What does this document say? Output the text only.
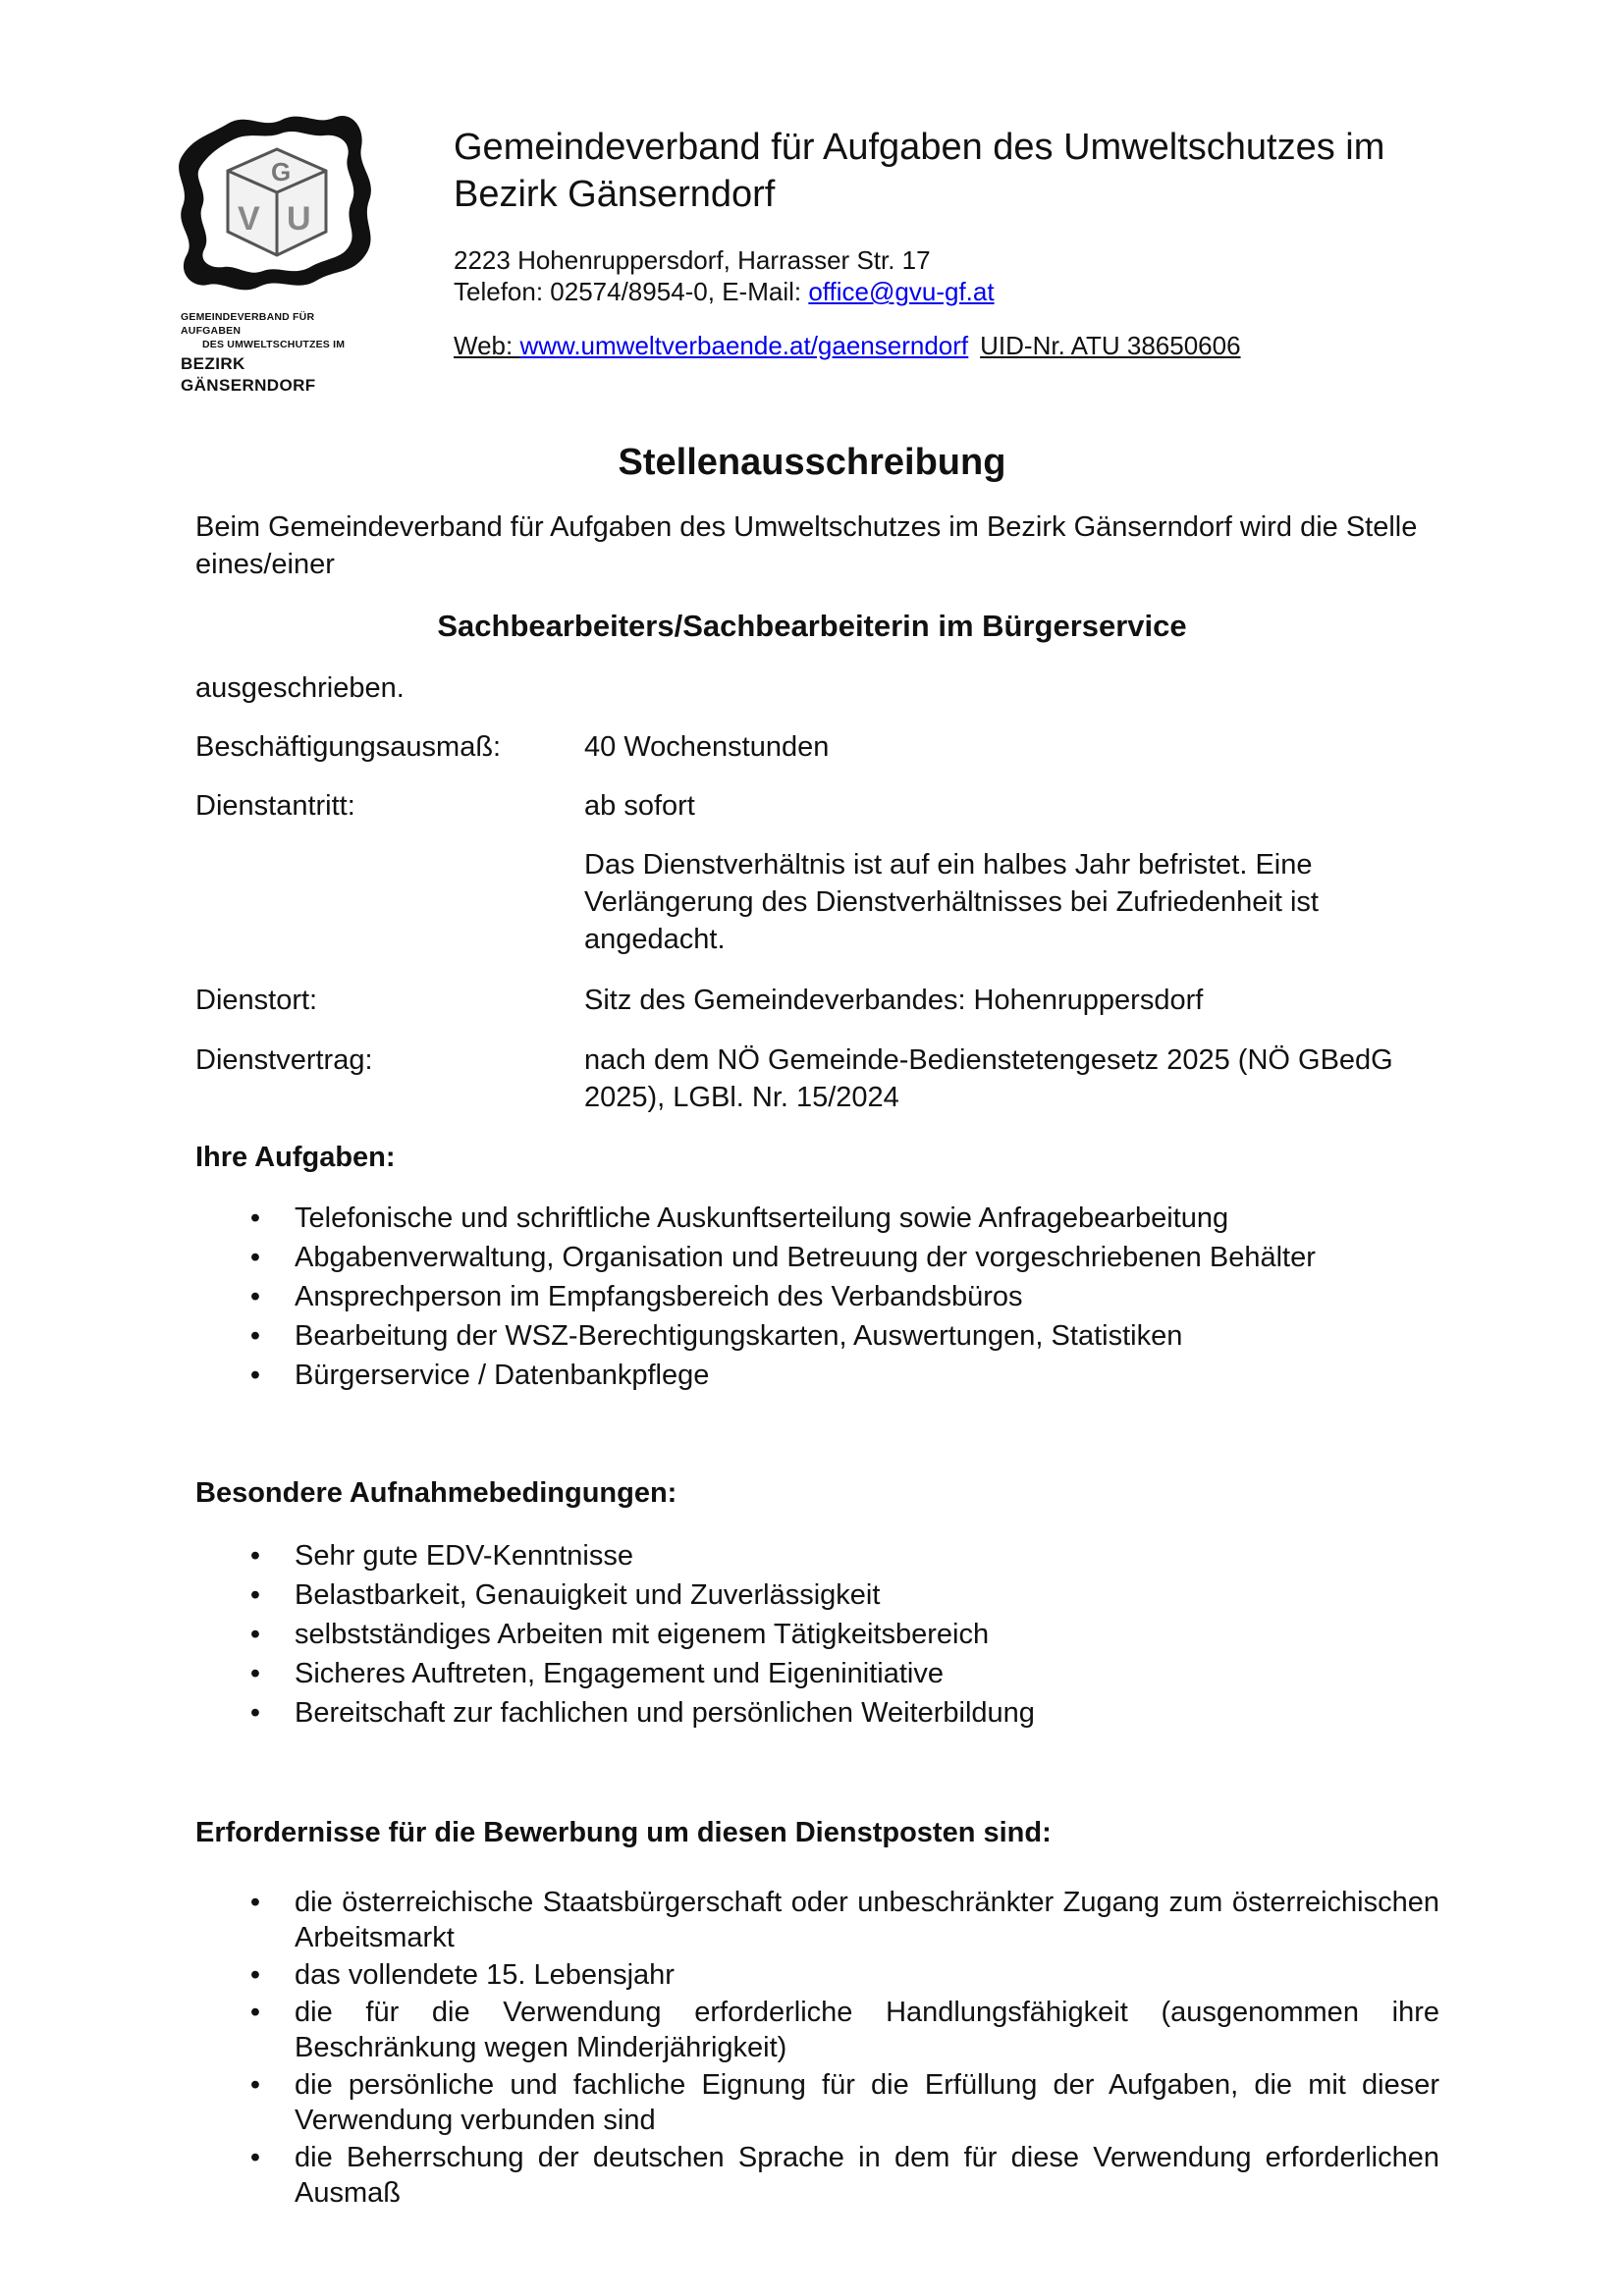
G
V U
GEMEINDEVERBAND FÜR AUFGABEN
DES UMWELTSCHUTZES IM
BEZIRK GÄNSERNDORF
Gemeindeverband für Aufgaben des Umweltschutzes im Bezirk Gänserndorf
2223 Hohenruppersdorf, Harrasser Str. 17
Telefon: 02574/8954-0, E-Mail: office@gvu-gf.at
Web: www.umweltverbaende.at/gaenserndorf UID-Nr. ATU 38650606
Stellenausschreibung
Beim Gemeindeverband für Aufgaben des Umweltschutzes im Bezirk Gänserndorf wird die Stelle eines/einer
Sachbearbeiters/Sachbearbeiterin im Bürgerservice
ausgeschrieben.
Beschäftigungsausmaß:	40 Wochenstunden
Dienstantritt:	ab sofort
Das Dienstverhältnis ist auf ein halbes Jahr befristet. Eine Verlängerung des Dienstverhältnisses bei Zufriedenheit ist angedacht.
Dienstort:	Sitz des Gemeindeverbandes: Hohenruppersdorf
Dienstvertrag:	nach dem NÖ Gemeinde-Bedienstetengesetz 2025 (NÖ GBedG 2025), LGBl. Nr. 15/2024
Ihre Aufgaben:
• Telefonische und schriftliche Auskunftserteilung sowie Anfragebearbeitung
• Abgabenverwaltung, Organisation und Betreuung der vorgeschriebenen Behälter
• Ansprechperson im Empfangsbereich des Verbandsbüros
• Bearbeitung der WSZ-Berechtigungskarten, Auswertungen, Statistiken
• Bürgerservice / Datenbankpflege
Besondere Aufnahmebedingungen:
• Sehr gute EDV-Kenntnisse
• Belastbarkeit, Genauigkeit und Zuverlässigkeit
• selbstständiges Arbeiten mit eigenem Tätigkeitsbereich
• Sicheres Auftreten, Engagement und Eigeninitiative
• Bereitschaft zur fachlichen und persönlichen Weiterbildung
Erfordernisse für die Bewerbung um diesen Dienstposten sind:
• die österreichische Staatsbürgerschaft oder unbeschränkter Zugang zum österreichischen Arbeitsmarkt
• das vollendete 15. Lebensjahr
• die für die Verwendung erforderliche Handlungsfähigkeit (ausgenommen ihre Beschränkung wegen Minderjährigkeit)
• die persönliche und fachliche Eignung für die Erfüllung der Aufgaben, die mit dieser Verwendung verbunden sind
• die Beherrschung der deutschen Sprache in dem für diese Verwendung erforderlichen Ausmaß
